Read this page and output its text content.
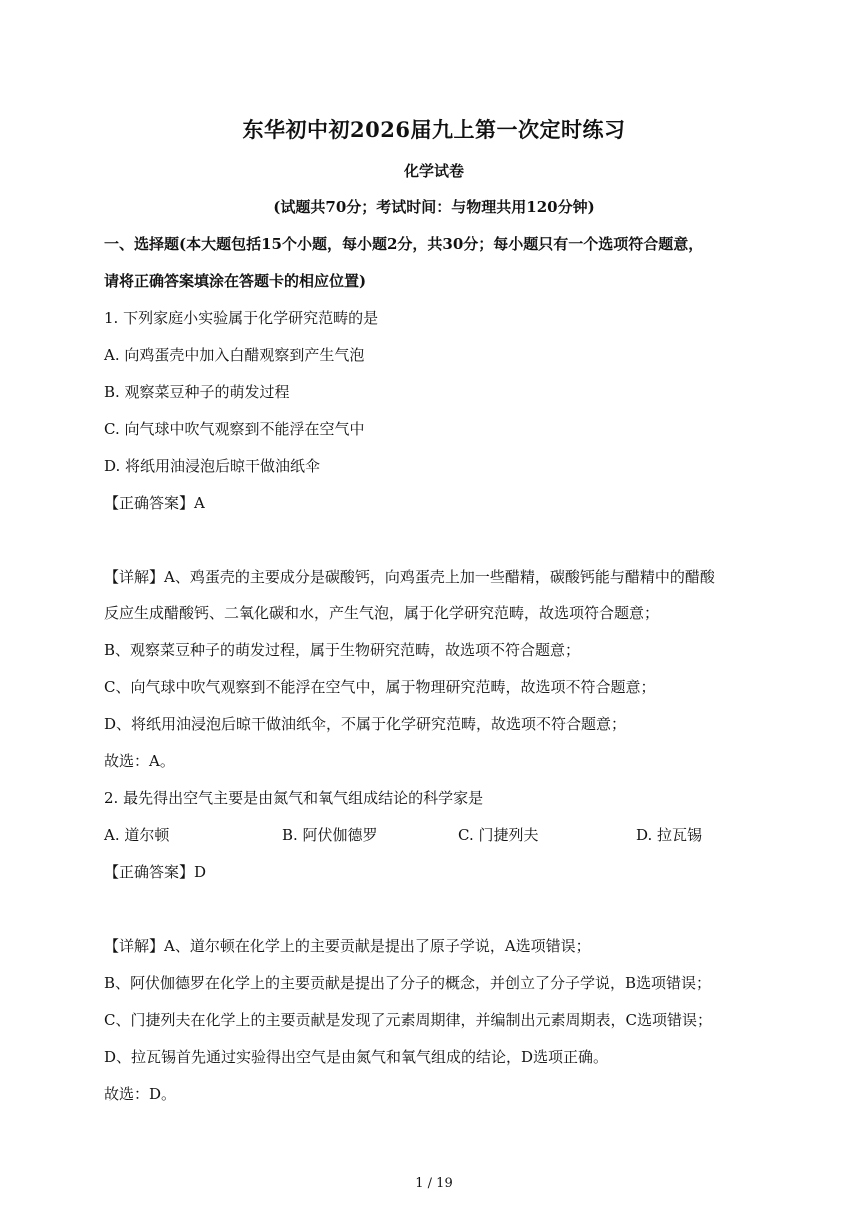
东华初中初2026届九上第一次定时练习
化学试卷
(试题共70分；考试时间：与物理共用120分钟)
一、选择题(本大题包括15个小题，每小题2分，共30分；每小题只有一个选项符合题意，
请将正确答案填涂在答题卡的相应位置)
1. 下列家庭小实验属于化学研究范畴的是
A. 向鸡蛋壳中加入白醋观察到产生气泡
B. 观察菜豆种子的萌发过程
C. 向气球中吹气观察到不能浮在空气中
D. 将纸用油浸泡后晾干做油纸伞
【正确答案】A
【详解】A、鸡蛋壳的主要成分是碳酸钙，向鸡蛋壳上加一些醋精，碳酸钙能与醋精中的醋酸
反应生成醋酸钙、二氧化碳和水，产生气泡，属于化学研究范畴，故选项符合题意；
B、观察菜豆种子的萌发过程，属于生物研究范畴，故选项不符合题意；
C、向气球中吹气观察到不能浮在空气中，属于物理研究范畴，故选项不符合题意；
D、将纸用油浸泡后晾干做油纸伞，不属于化学研究范畴，故选项不符合题意；
故选：A。
2. 最先得出空气主要是由氮气和氧气组成结论的科学家是
A. 道尔顿	B. 阿伏伽德罗	C. 门捷列夫	D. 拉瓦锡
【正确答案】D
【详解】A、道尔顿在化学上的主要贡献是提出了原子学说，A选项错误；
B、阿伏伽德罗在化学上的主要贡献是提出了分子的概念，并创立了分子学说，B选项错误；
C、门捷列夫在化学上的主要贡献是发现了元素周期律，并编制出元素周期表，C选项错误；
D、拉瓦锡首先通过实验得出空气是由氮气和氧气组成的结论，D选项正确。
故选：D。
1 / 19
